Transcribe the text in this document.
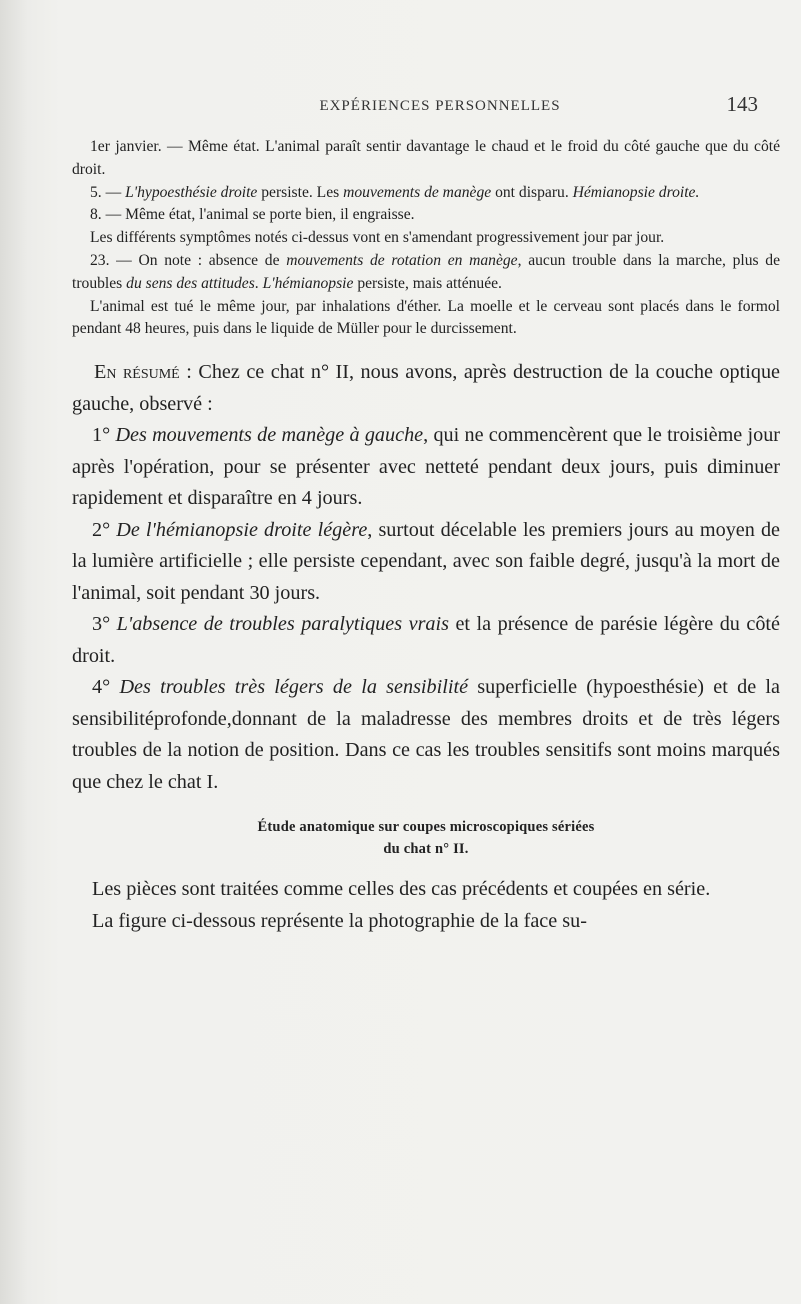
EXPÉRIENCES PERSONNELLES	143

1er janvier. — Même état. L'animal paraît sentir davantage le chaud et le froid du côté gauche que du côté droit.

5. — L'hypoesthésie droite persiste. Les mouvements de manège ont disparu. Hémianopsie droite.

8. — Même état, l'animal se porte bien, il engraisse.

Les différents symptômes notés ci-dessus vont en s'amendant progressivement jour par jour.

23. — On note : absence de mouvements de rotation en manège, aucun trouble dans la marche, plus de troubles du sens des attitudes. L'hémianopsie persiste, mais atténuée.

L'animal est tué le même jour, par inhalations d'éther. La moelle et le cerveau sont placés dans le formol pendant 48 heures, puis dans le liquide de Müller pour le durcissement.

En résumé : Chez ce chat n° II, nous avons, après destruction de la couche optique gauche, observé :

1° Des mouvements de manège à gauche, qui ne commencèrent que le troisième jour après l'opération, pour se présenter avec netteté pendant deux jours, puis diminuer rapidement et disparaître en 4 jours.

2° De l'hémianopsie droite légère, surtout décelable les premiers jours au moyen de la lumière artificielle ; elle persiste cependant, avec son faible degré, jusqu'à la mort de l'animal, soit pendant 30 jours.

3° L'absence de troubles paralytiques vrais et la présence de parésie légère du côté droit.

4° Des troubles très légers de la sensibilité superficielle (hypoesthésie) et de la sensibilitéprofonde,donnant de la maladresse des membres droits et de très légers troubles de la notion de position. Dans ce cas les troubles sensitifs sont moins marqués que chez le chat I.

Étude anatomique sur coupes microscopiques sériées
du chat n° II.

Les pièces sont traitées comme celles des cas précédents et coupées en série.

La figure ci-dessous représente la photographie de la face su-
